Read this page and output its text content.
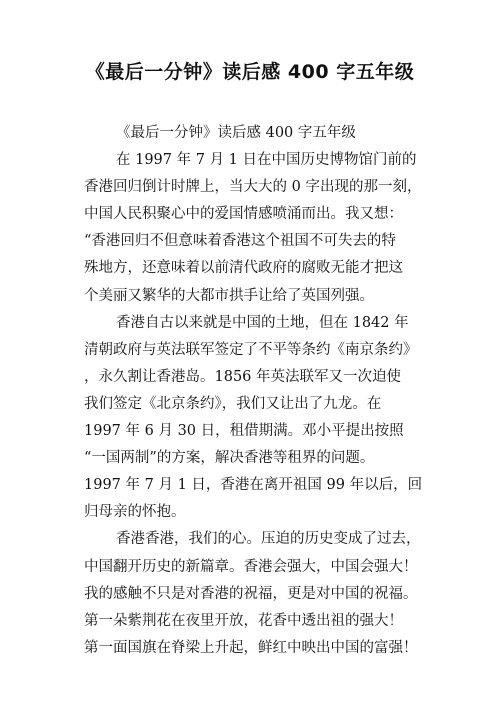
《最后一分钟》读后感 400 字五年级
《最后一分钟》读后感 400 字五年级
在 1997 年 7 月 1 日在中国历史博物馆门前的
香港回归倒计时牌上，当大大的 0 字出现的那一刻，
中国人民积聚心中的爱国情感喷涌而出。我又想：
“香港回归不但意味着香港这个祖国不可失去的特
殊地方，还意味着以前清代政府的腐败无能才把这
个美丽又繁华的大都市拱手让给了英国列强。
香港自古以来就是中国的土地，但在 1842 年
清朝政府与英法联军签定了不平等条约《南京条约》
，永久割让香港岛。1856 年英法联军又一次迫使
我们签定《北京条约》，我们又让出了九龙。在
1997 年 6 月 30 日，租借期满。邓小平提出按照
“一国两制”的方案，解决香港等租界的问题。
1997 年 7 月 1 日，香港在离开祖国 99 年以后，回
归母亲的怀抱。
香港香港，我们的心。压迫的历史变成了过去，
中国翻开历史的新篇章。香港会强大，中国会强大！
我的感触不只是对香港的祝福，更是对中国的祝福。
第一朵紫荆花在夜里开放，花香中透出祖的强大！
第一面国旗在脊梁上升起，鲜红中映出中国的富强！
